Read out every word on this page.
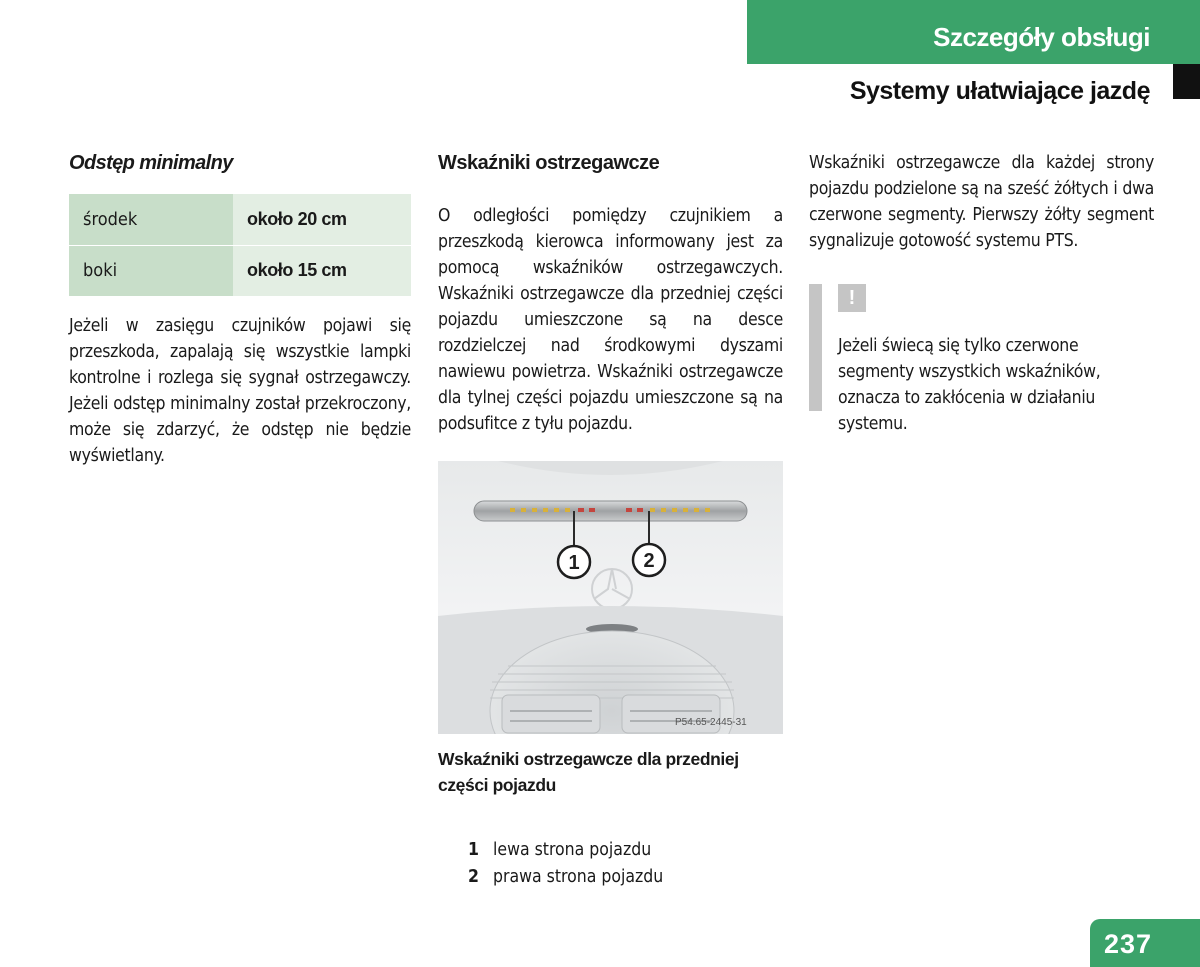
Szczegóły obsługi
Systemy ułatwiające jazdę
Odstęp minimalny
środek	około 20 cm
boki	około 15 cm

Jeżeli w zasięgu czujników pojawi się przeszkoda, zapalają się wszystkie lampki kontrolne i rozlega się sygnał ostrzegawczy. Jeżeli odstęp minimalny został przekroczony, może się zdarzyć, że odstęp nie będzie wyświetlany.

Wskaźniki ostrzegawcze

O odległości pomiędzy czujnikiem a przeszkodą kierowca informowany jest za pomocą wskaźników ostrzegawczych. Wskaźniki ostrzegawcze dla przedniej części pojazdu umieszczone są na desce rozdzielczej nad środkowymi dyszami nawiewu powietrza. Wskaźniki ostrzegawcze dla tylnej części pojazdu umieszczone są na podsufitce z tyłu pojazdu.

1	2
P54.65-2445-31

Wskaźniki ostrzegawcze dla przedniej części pojazdu

1 lewa strona pojazdu
2 prawa strona pojazdu

Wskaźniki ostrzegawcze dla każdej strony pojazdu podzielone są na sześć żółtych i dwa czerwone segmenty. Pierwszy żółty segment sygnalizuje gotowość systemu PTS.

!

Jeżeli świecą się tylko czerwone segmenty wszystkich wskaźników, oznacza to zakłócenia w działaniu systemu.

237
